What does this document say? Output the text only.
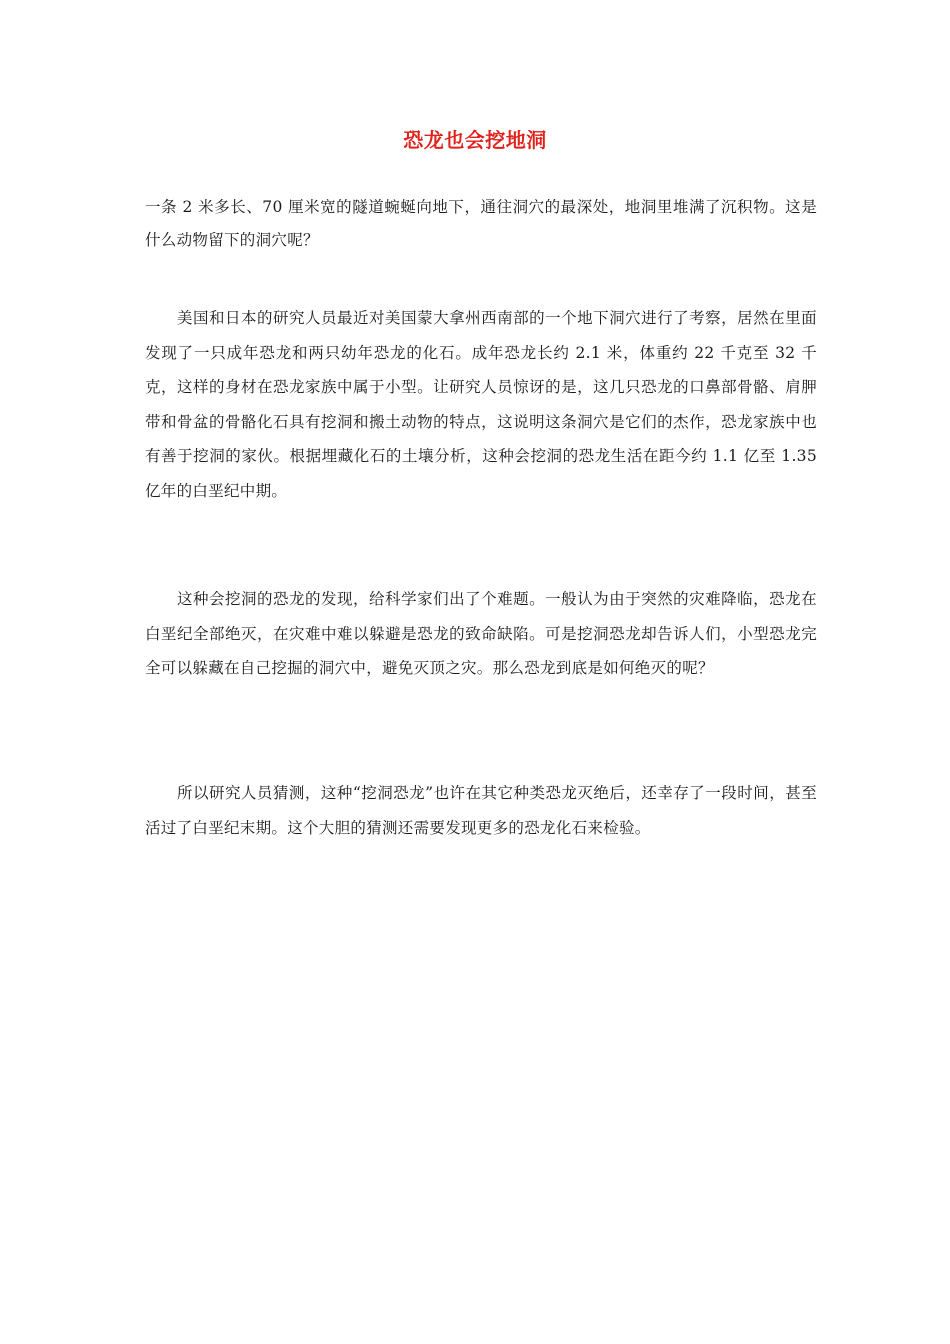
恐龙也会挖地洞
一条 2 米多长、70 厘米宽的隧道蜿蜒向地下，通往洞穴的最深处，地洞里堆满了沉积物。这是什么动物留下的洞穴呢？
美国和日本的研究人员最近对美国蒙大拿州西南部的一个地下洞穴进行了考察，居然在里面发现了一只成年恐龙和两只幼年恐龙的化石。成年恐龙长约 2.1 米，体重约 22 千克至 32 千克，这样的身材在恐龙家族中属于小型。让研究人员惊讶的是，这几只恐龙的口鼻部骨骼、肩胛带和骨盆的骨骼化石具有挖洞和搬土动物的特点，这说明这条洞穴是它们的杰作，恐龙家族中也有善于挖洞的家伙。根据埋藏化石的土壤分析，这种会挖洞的恐龙生活在距今约 1.1 亿至 1.35 亿年的白垩纪中期。
这种会挖洞的恐龙的发现，给科学家们出了个难题。一般认为由于突然的灾难降临，恐龙在白垩纪全部绝灭，在灾难中难以躲避是恐龙的致命缺陷。可是挖洞恐龙却告诉人们，小型恐龙完全可以躲藏在自己挖掘的洞穴中，避免灭顶之灾。那么恐龙到底是如何绝灭的呢？
所以研究人员猜测，这种“挖洞恐龙”也许在其它种类恐龙灭绝后，还幸存了一段时间，甚至活过了白垩纪末期。这个大胆的猜测还需要发现更多的恐龙化石来检验。
